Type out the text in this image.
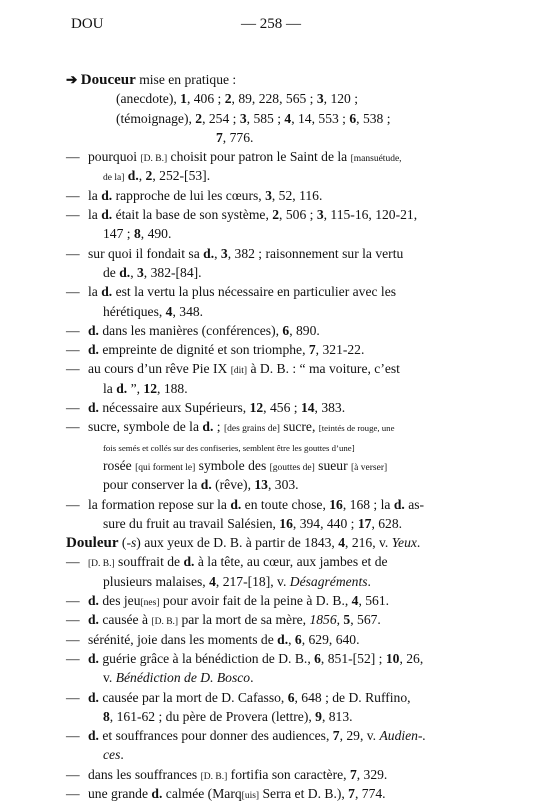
DOU	— 258 —
➔ Douceur mise en pratique :
(anecdote), 1, 406 ; 2, 89, 228, 565 ; 3, 120 ;
(témoignage), 2, 254 ; 3, 585 ; 4, 14, 553 ; 6, 538 ;
7, 776.
— pourquoi [D. B.] choisit pour patron le Saint de la [mansuétude,
de la] d., 2, 252-[53].
— la d. rapproche de lui les cœurs, 3, 52, 116.
— la d. était la base de son système, 2, 506 ; 3, 115-16, 120-21,
147 ; 8, 490.
— sur quoi il fondait sa d., 3, 382 ; raisonnement sur la vertu
de d., 3, 382-[84].
— la d. est la vertu la plus nécessaire en particulier avec les
hérétiques, 4, 348.
— d. dans les manières (conférences), 6, 890.
— d. empreinte de dignité et son triomphe, 7, 321-22.
— au cours d’un rêve Pie IX [dit] à D. B. : “ ma voiture, c’est
la d. ”, 12, 188.
— d. nécessaire aux Supérieurs, 12, 456 ; 14, 383.
— sucre, symbole de la d. ; [des grains de] sucre, [teintés de rouge, une
fois semés et collés sur des confiseries, semblent être les gouttes d’une]
rosée [qui forment le] symbole des [gouttes de] sueur [à verser]
pour conserver la d. (rêve), 13, 303.
— la formation repose sur la d. en toute chose, 16, 168 ; la d. as-
sure du fruit au travail Salésien, 16, 394, 440 ; 17, 628.
Douleur (-s) aux yeux de D. B. à partir de 1843, 4, 216, v. Yeux.
— [D. B.] souffrait de d. à la tête, au cœur, aux jambes et de
plusieurs malaises, 4, 217-[18], v. Désagréments.
— d. des jeu[nes] pour avoir fait de la peine à D. B., 4, 561.
— d. causée à [D. B.] par la mort de sa mère, 1856, 5, 567.
— sérénité, joie dans les moments de d., 6, 629, 640.
— d. guérie grâce à la bénédiction de D. B., 6, 851-[52] ; 10, 26,
v. Bénédiction de D. Bosco.
— d. causée par la mort de D. Cafasso, 6, 648 ; de D. Ruffino,
8, 161-62 ; du père de Provera (lettre), 9, 813.
— d. et souffrances pour donner des audiences, 7, 29, v. Audien-.
ces.
— dans les souffrances [D. B.] fortifia son caractère, 7, 329.
— une grande d. calmée (Marq[uis] Serra et D. B.), 7, 774.
